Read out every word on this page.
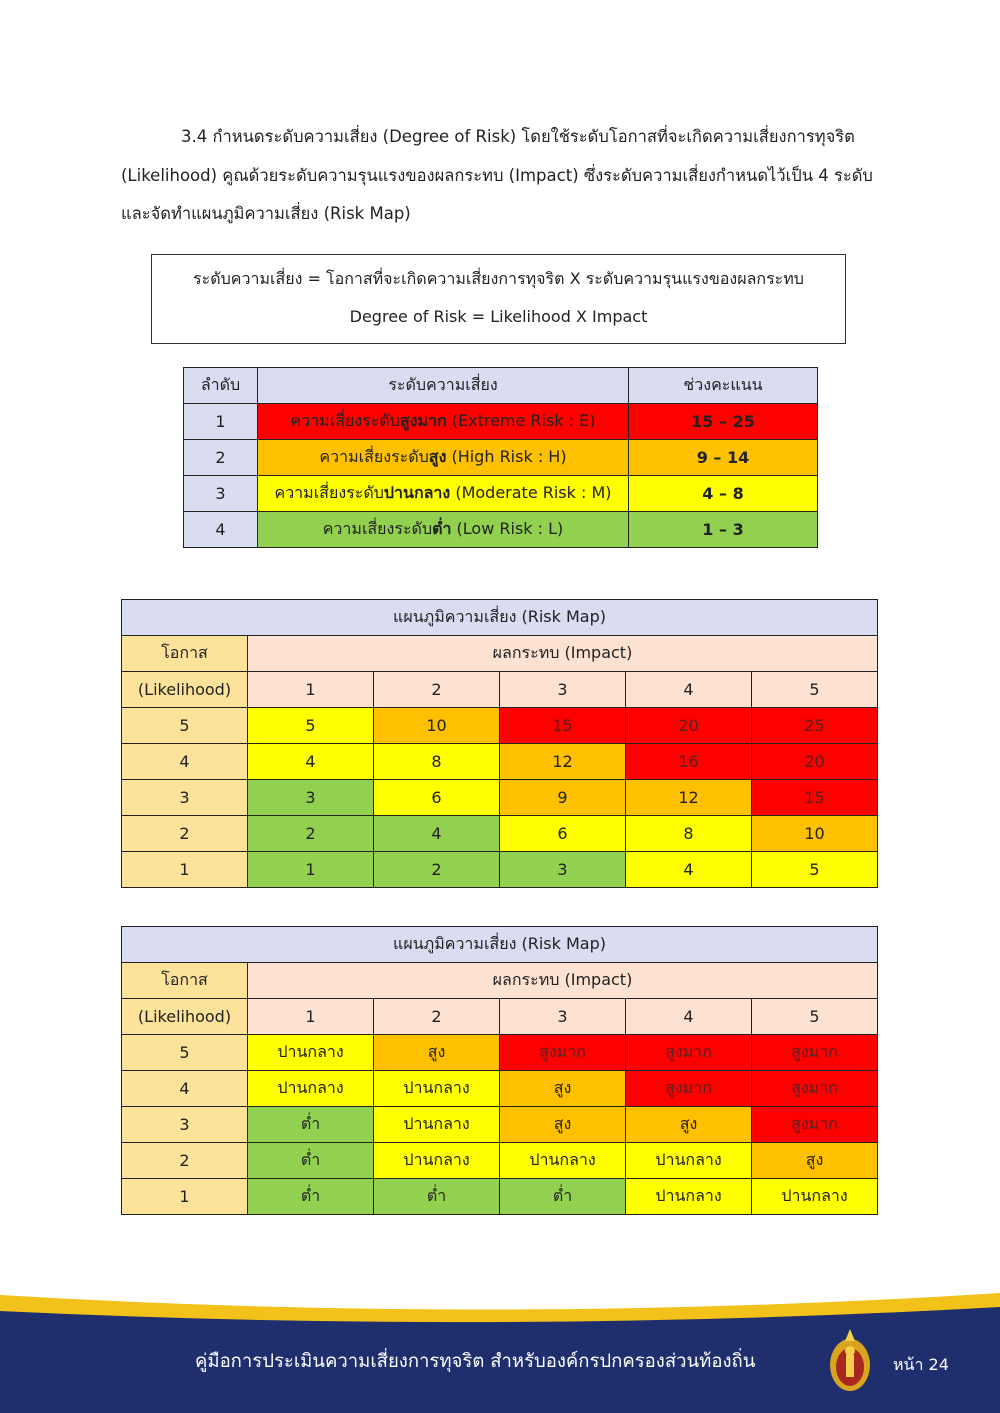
3.4 กำหนดระดับความเสี่ยง (Degree of Risk) โดยใช้ระดับโอกาสที่จะเกิดความเสี่ยงการทุจริต (Likelihood) คูณด้วยระดับความรุนแรงของผลกระทบ (Impact) ซึ่งระดับความเสี่ยงกำหนดไว้เป็น 4 ระดับ และจัดทำแผนภูมิความเสี่ยง (Risk Map)

ระดับความเสี่ยง = โอกาสที่จะเกิดความเสี่ยงการทุจริต X ระดับความรุนแรงของผลกระทบ
Degree of Risk = Likelihood X Impact
ลำดับ	ระดับความเสี่ยง	ช่วงคะแนน
1	ความเสี่ยงระดับสูงมาก (Extreme Risk : E)	15 – 25
2	ความเสี่ยงระดับสูง (High Risk : H)	9 – 14
3	ความเสี่ยงระดับปานกลาง (Moderate Risk : M)	4 – 8
4	ความเสี่ยงระดับต่ำ (Low Risk : L)	1 – 3
แผนภูมิความเสี่ยง (Risk Map)					
โอกาส	ผลกระทบ (Impact)				
(Likelihood)	1	2	3	4	5
5	5	10	15	20	25
4	4	8	12	16	20
3	3	6	9	12	15
2	2	4	6	8	10
1	1	2	3	4	5
แผนภูมิความเสี่ยง (Risk Map)					
โอกาส	ผลกระทบ (Impact)				
(Likelihood)	1	2	3	4	5
5	ปานกลาง	สูง	สูงมาก	สูงมาก	สูงมาก
4	ปานกลาง	ปานกลาง	สูง	สูงมาก	สูงมาก
3	ต่ำ	ปานกลาง	สูง	สูง	สูงมาก
2	ต่ำ	ปานกลาง	ปานกลาง	ปานกลาง	สูง
1	ต่ำ	ต่ำ	ต่ำ	ปานกลาง	ปานกลาง
คู่มือการประเมินความเสี่ยงการทุจริต สำหรับองค์กรปกครองส่วนท้องถิ่น	หน้า 24
